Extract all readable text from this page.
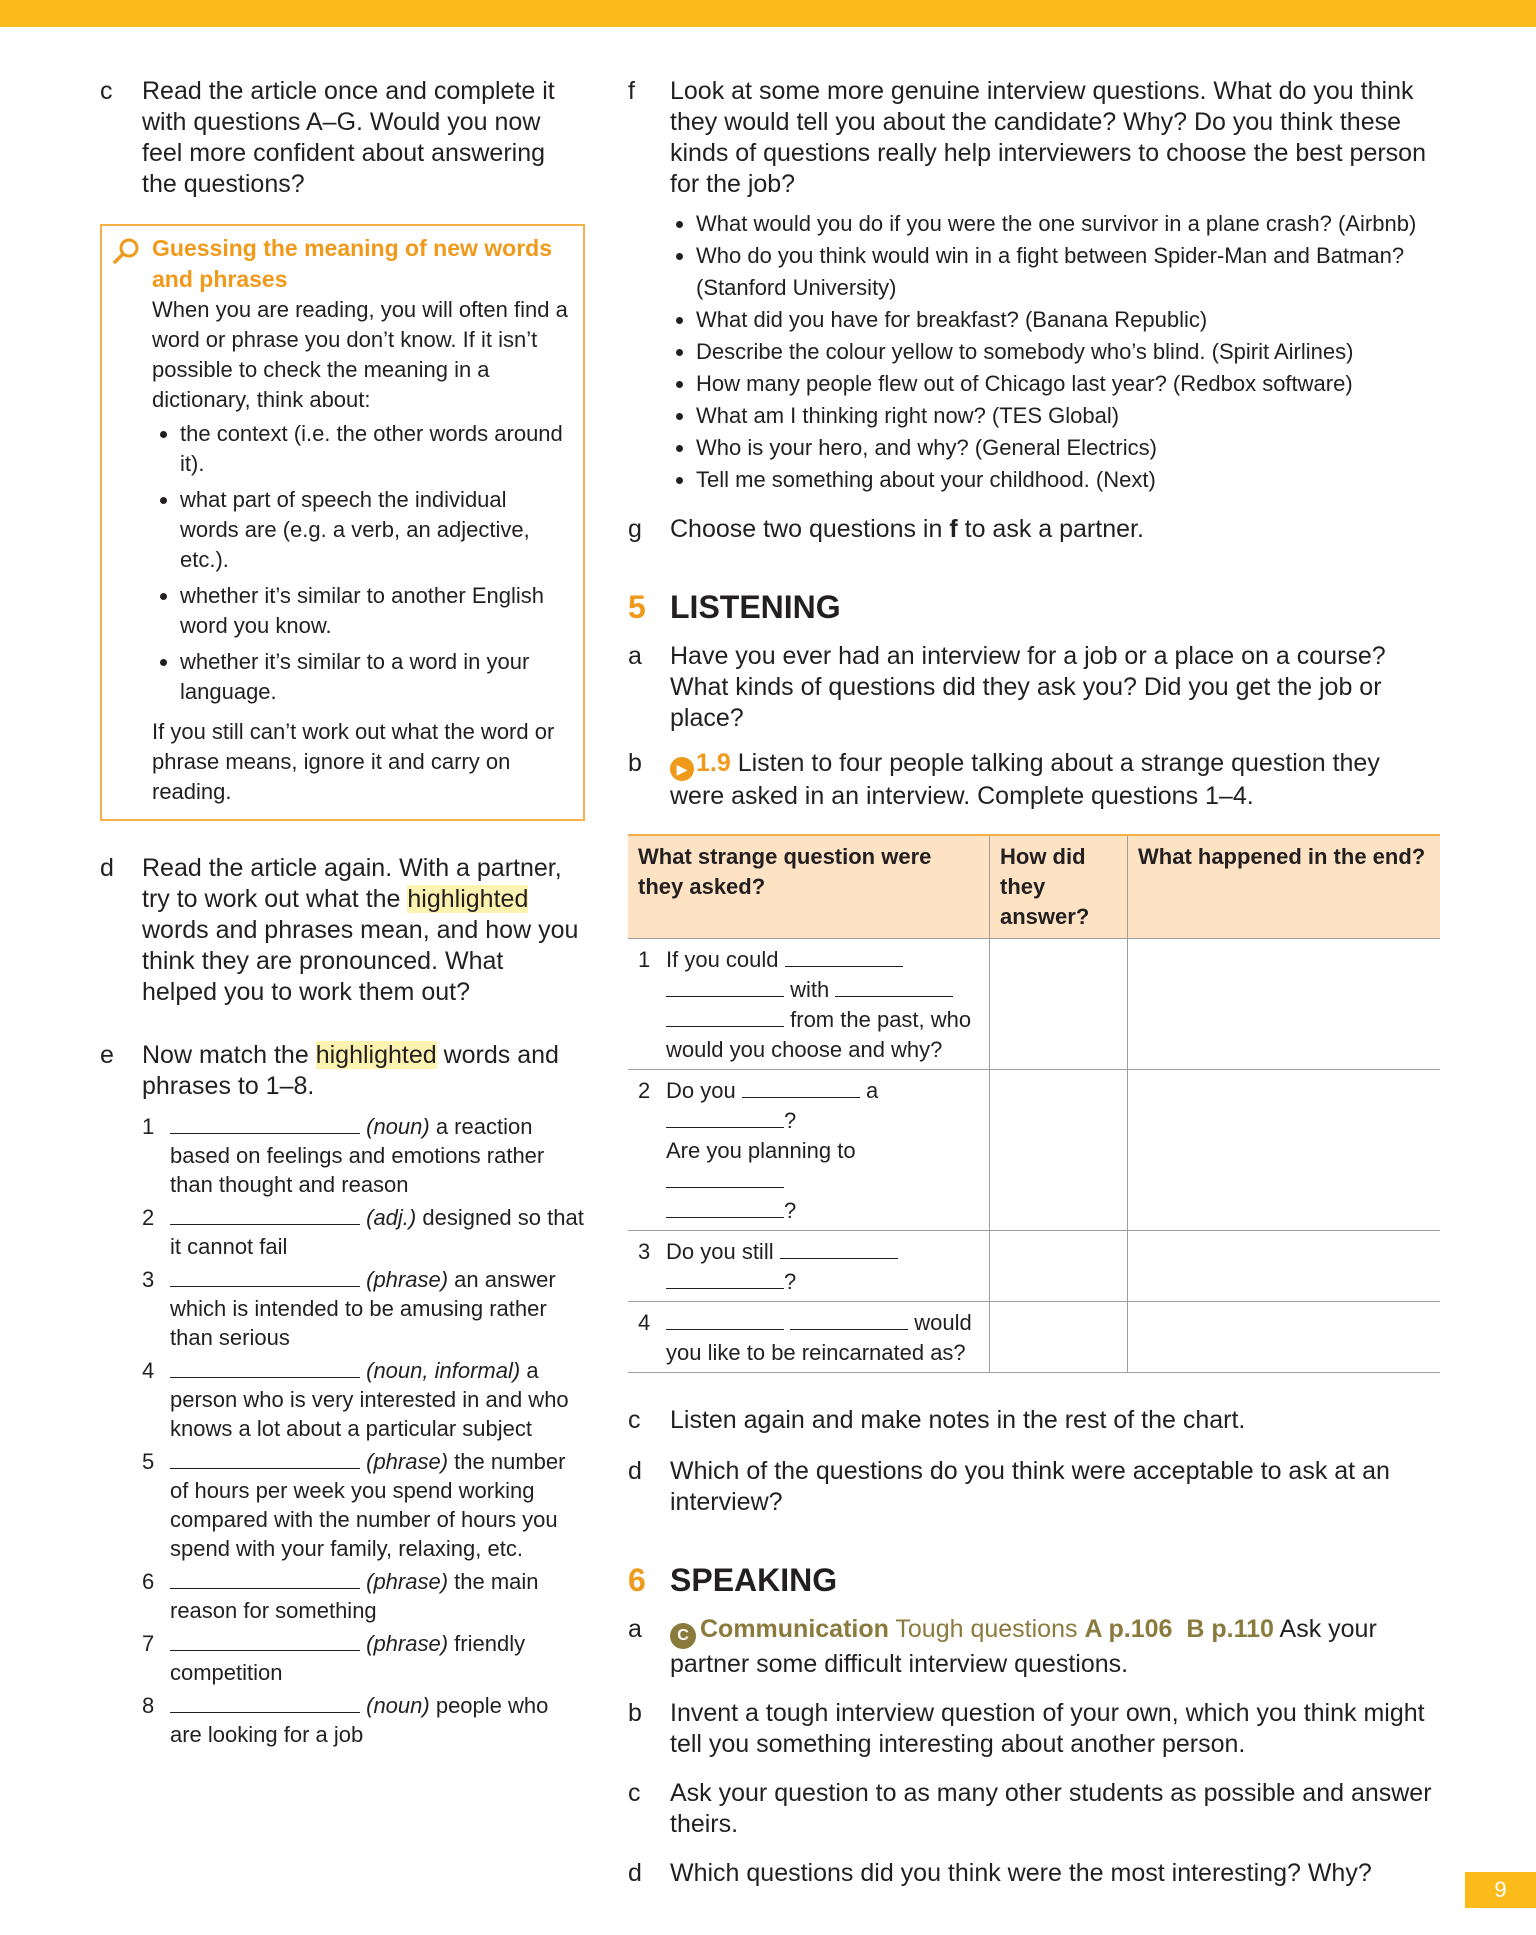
c Read the article once and complete it with questions A–G. Would you now feel more confident about answering the questions?
Guessing the meaning of new words and phrases
When you are reading, you will often find a word or phrase you don’t know. If it isn’t possible to check the meaning in a dictionary, think about:
• the context (i.e. the other words around it).
• what part of speech the individual words are (e.g. a verb, an adjective, etc.).
• whether it’s similar to another English word you know.
• whether it’s similar to a word in your language.
If you still can’t work out what the word or phrase means, ignore it and carry on reading.
d Read the article again. With a partner, try to work out what the highlighted words and phrases mean, and how you think they are pronounced. What helped you to work them out?
e Now match the highlighted words and phrases to 1–8.
1	(noun) a reaction based on feelings and emotions rather than thought and reason
2	(adj.) designed so that it cannot fail
3	(phrase) an answer which is intended to be amusing rather than serious
4	(noun, informal) a person who is very interested in and who knows a lot about a particular subject
5	(phrase) the number of hours per week you spend working compared with the number of hours you spend with your family, relaxing, etc.
6	(phrase) the main reason for something
7	(phrase) friendly competition
8	(noun) people who are looking for a job
f Look at some more genuine interview questions. What do you think they would tell you about the candidate? Why? Do you think these kinds of questions really help interviewers to choose the best person for the job?
• What would you do if you were the one survivor in a plane crash? (Airbnb)
• Who do you think would win in a fight between Spider-Man and Batman? (Stanford University)
• What did you have for breakfast? (Banana Republic)
• Describe the colour yellow to somebody who’s blind. (Spirit Airlines)
• How many people flew out of Chicago last year? (Redbox software)
• What am I thinking right now? (TES Global)
• Who is your hero, and why? (General Electrics)
• Tell me something about your childhood. (Next)
g Choose two questions in f to ask a partner.
5 LISTENING
a Have you ever had an interview for a job or a place on a course? What kinds of questions did they ask you? Did you get the job or place?
b ▶ 1.9 Listen to four people talking about a strange question they were asked in an interview. Complete questions 1–4.
What strange question were they asked?	How did they answer?	What happened in the end?

1 If you could   with   from the past, who would you choose and why?		

2 Do you a ?
Are you planning to
?		

3 Do you still  ?		

4 would you like to be reincarnated as?		

c Listen again and make notes in the rest of the chart.
d Which of the questions do you think were acceptable to ask at an interview?
6 SPEAKING
a C Communication Tough questions A p.106 B p.110 Ask your partner some difficult interview questions.
b Invent a tough interview question of your own, which you think might tell you something interesting about another person.
c Ask your question to as many other students as possible and answer theirs.
d Which questions did you think were the most interesting? Why?
9
